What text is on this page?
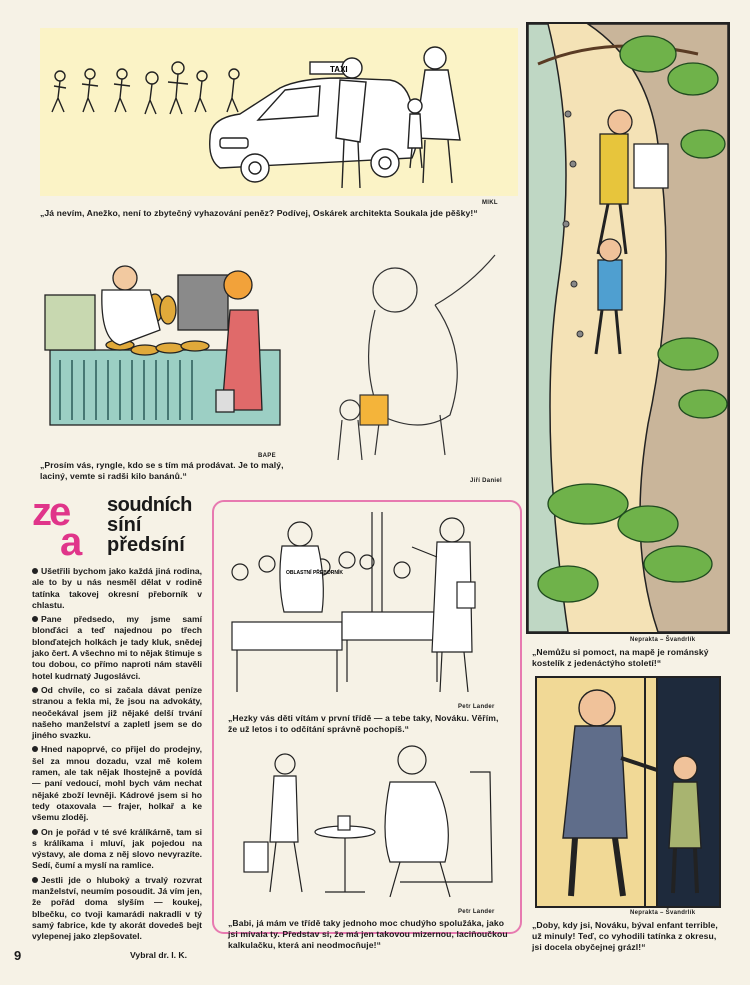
TAXI
MIKL
„Já nevím, Anežko, není to zbytečný vyhazování peněz? Podívej, Oskárek architekta Soukala jde pěšky!“
BAPE
„Prosím vás, ryngle, kdo se s tím má prodávat. Je to malý, laciný, vemte si radši kilo banánů.“	Jiří Daniel
Neprakta – Švandrlík
„Nemůžu si pomoct, na mapě je románský kostelík z jedenáctýho století!“
ze
a
soudních
síní
předsíní

Ušetřili bychom jako každá jiná rodina, ale to by u nás nesměl dělat v rodině tatínka takovej okresní přeborník v chlastu.

Pane předsedo, my jsme samí blonďáci a teď najednou po třech blonďatejch holkách je tady kluk, snědej jako čert. A všechno mi to nějak štimuje s tou dobou, co přímo naproti nám stavěli hotel kudrnatý Jugoslávci.

Od chvíle, co si začala dávat peníze stranou a fekla mi, že jsou na advokáty, neočekával jsem již nějaké delší trvání našeho manželství a zapletl jsem se do jiného svazku.

Hned napoprvé, co přijel do prodejny, šel za mnou dozadu, vzal mě kolem ramen, ale tak nějak lhostejně a povídá — paní vedoucí, mohl bych vám nechat nějaké zboží levněji. Kádrové jsem si ho tedy otaxovala — frajer, holkař a ke všemu zloděj.

On je pořád v té své králíkárně, tam si s králíkama i mluví, jak pojedou na výstavy, ale doma z něj slovo nevyrazíte. Sedí, čumí a myslí na ramlice.

Jestli jde o hluboký a trvalý rozvrat manželství, neumím posoudit. Já vím jen, že pořád doma slyším — koukej, blbečku, co tvoji kamarádi nakradli v tý samý fabrice, kde ty akorát dovedeš bejt vylepenej jako zlepšovatel.

Vybral dr. I. K.
9
OBLASTNÍ PŘEBORNÍK
Petr Lander
„Hezky vás děti vítám v první třídě — a tebe taky, Nováku. Věřím, že už letos i to odčítání správně pochopíš.“
Petr Lander
„Babi, já mám ve třídě taky jednoho moc chudýho spolužáka, jako jsi mívala ty. Představ si, že má jen takovou mizernou, laciňoučkou kalkulačku, která ani neodmocňuje!“
Neprakta – Švandrlík
„Doby, kdy jsi, Nováku, býval enfant terrible, už minuly! Teď, co vyhodili tatínka z okresu, jsi docela obyčejnej grázl!“
